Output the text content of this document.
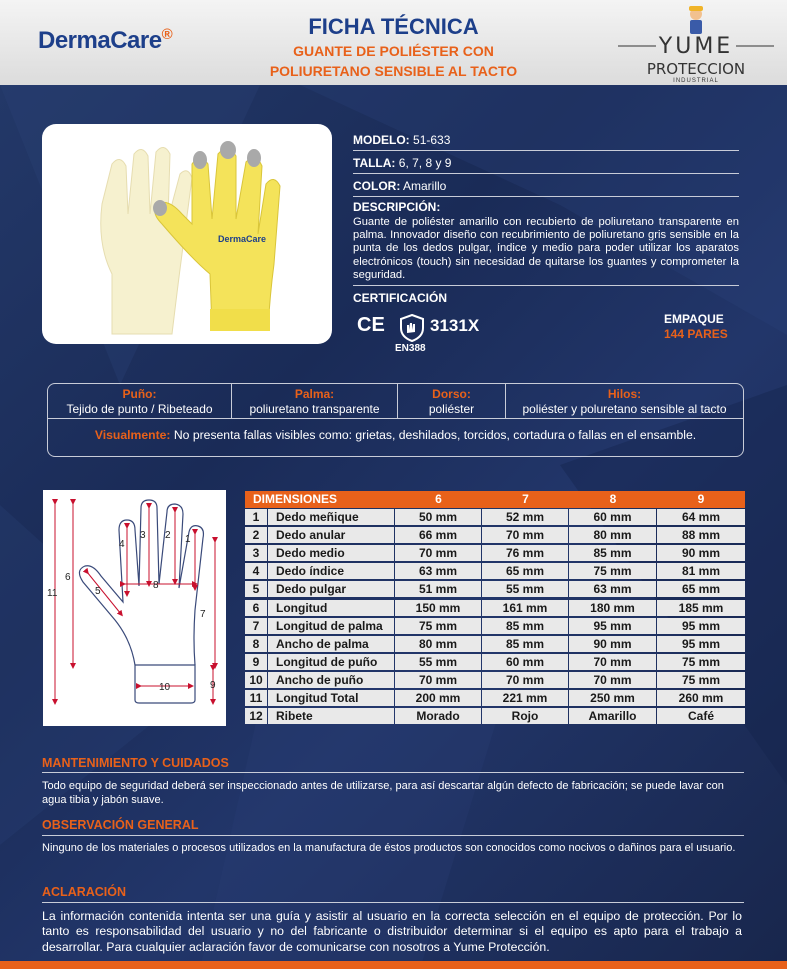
DermaCare®	FICHA TÉCNICA
GUANTE DE POLIÉSTER CON
POLIURETANO SENSIBLE AL TACTO
YUME
PROTECCION
INDUSTRIAL
DermaCare
MODELO: 51-633
TALLA: 6, 7, 8 y 9
COLOR: Amarillo
DESCRIPCIÓN:
Guante de poliéster amarillo con recubierto de poliuretano transparente en palma. Innovador diseño con recubrimiento de poliuretano gris sensible en la punta de los dedos pulgar, índice y medio para poder utilizar los aparatos electrónicos (touch) sin necesidad de quitarse los guantes y comprometer la seguridad.
CERTIFICACIÓN
CE	3131X
EN388
EMPAQUE
144 PARES
Puño:
Tejido de punto / Ribeteado
Palma:
poliuretano transparente
Dorso:
poliéster
Hilos:
poliéster y poluretano sensible al tacto
Visualmente: No presenta fallas visibles como: grietas, deshilados, torcidos, cortadura o fallas en el ensamble.
1
2
3
4
5
6
7
8
9
10
11
DIMENSIONES	6	7	8	9
1	Dedo meñique	50 mm	52 mm	60 mm	64 mm
2	Dedo anular	66 mm	70 mm	80 mm	88 mm
3	Dedo medio	70 mm	76 mm	85 mm	90 mm
4	Dedo índice	63 mm	65 mm	75 mm	81 mm
5	Dedo pulgar	51 mm	55 mm	63 mm	65 mm
6	Longitud	150 mm	161 mm	180 mm	185 mm
7	Longitud de palma	75 mm	85 mm	95 mm	95 mm
8	Ancho de palma	80 mm	85 mm	90 mm	95 mm
9	Longitud de puño	55 mm	60 mm	70 mm	75 mm
10	Ancho de puño	70 mm	70 mm	70 mm	75 mm
11	Longitud Total	200 mm	221 mm	250 mm	260 mm
12	Ribete	Morado	Rojo	Amarillo	Café
MANTENIMIENTO Y CUIDADOS
Todo equipo de seguridad deberá ser inspeccionado antes de utilizarse, para así descartar algún defecto de fabricación; se puede lavar con agua tibia y jabón suave.
OBSERVACIÓN GENERAL
Ninguno de los materiales o procesos utilizados en la manufactura de éstos productos son conocidos como nocivos o dañinos para el usuario.
ACLARACIÓN
La información contenida intenta ser una guía y asistir al usuario en la correcta selección en el equipo de protección. Por lo tanto es responsabilidad del usuario y no del fabricante o distribuidor determinar si el equipo es apto para el trabajo a desarrollar. Para cualquier aclaración favor de comunicarse con nosotros a Yume Protección.
